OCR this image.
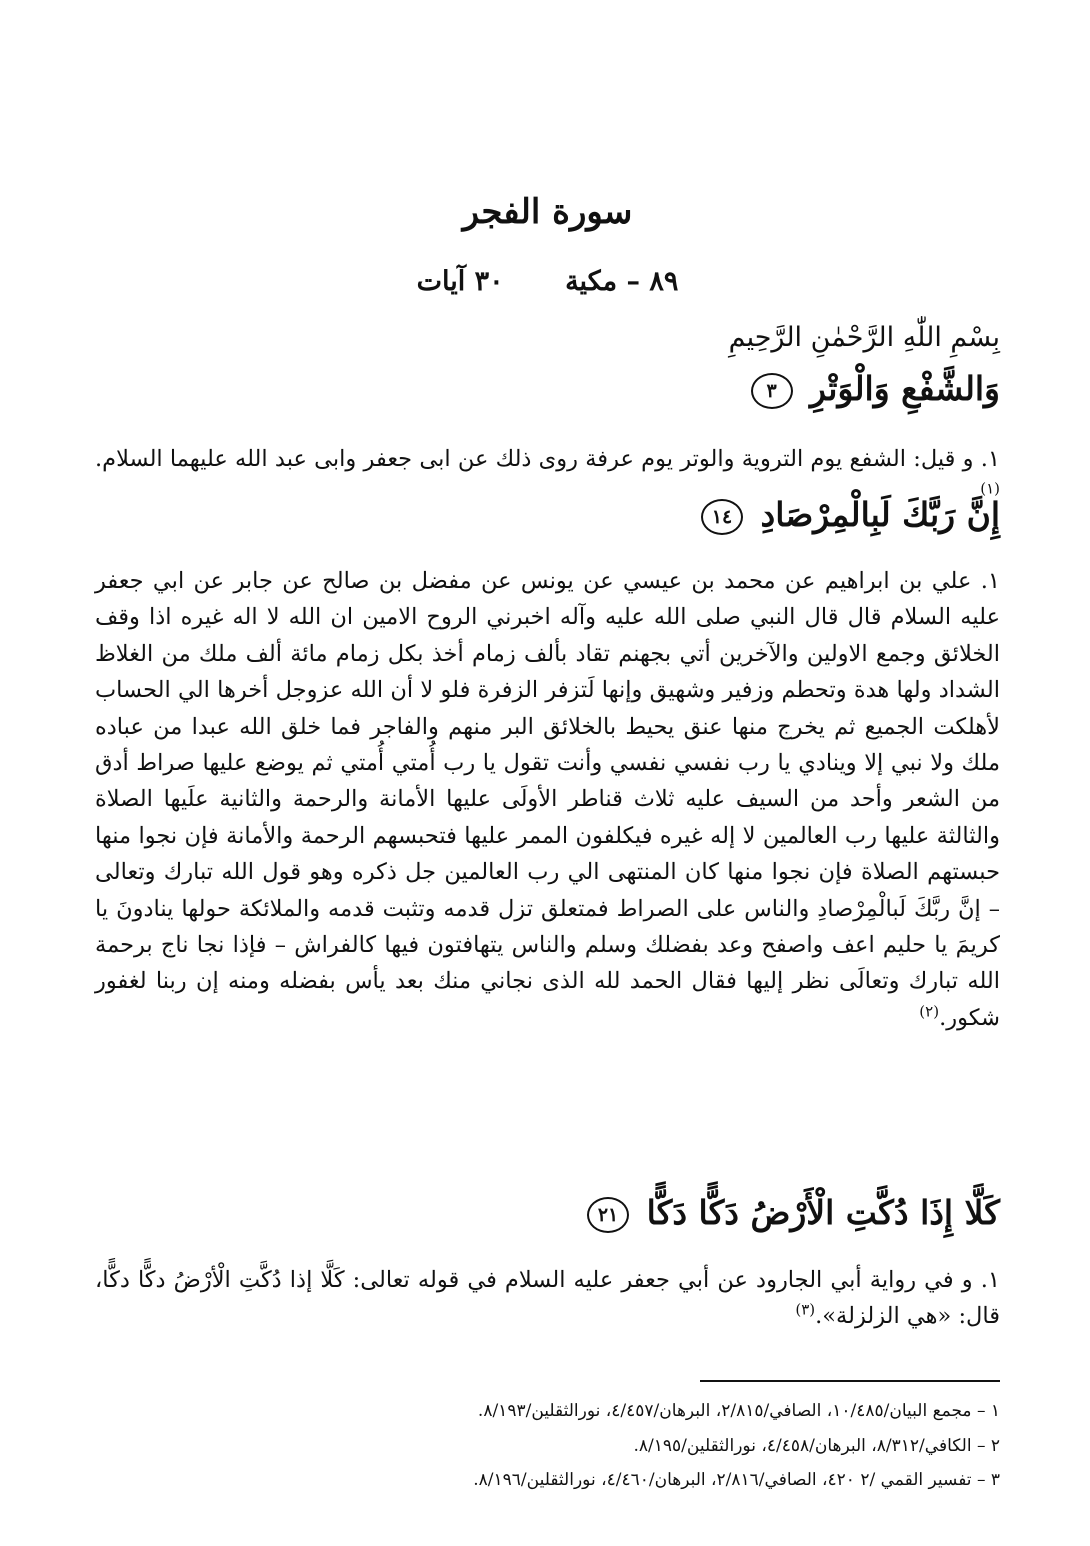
سورة الفجر
٨٩ – مكية ٣٠ آيات
بِسْمِ اللّٰهِ الرَّحْمٰنِ الرَّحِيمِ
وَالشَّفْعِ وَالْوَتْرِ ٣
١. و قيل: الشفع يوم التروية والوتر يوم عرفة روى ذلك عن ابى جعفر وابى عبد الله عليهما السلام.$^{(١)}$
إِنَّ رَبَّكَ لَبِالْمِرْصَادِ ١٤
١. علي بن ابراهيم عن محمد بن عيسي عن يونس عن مفضل بن صالح عن جابر عن ابي جعفر عليه السلام قال قال النبي صلى الله عليه وآله اخبرني الروح الامين ان الله لا اله غيره اذا وقف الخلائق وجمع الاولين والآخرين أتي بجهنم تقاد بألف زمام أخذ بكل زمام مائة ألف ملك من الغلاظ الشداد ولها هدة وتحطم وزفير وشهيق وإنها لَتزفر الزفرة فلو لا أن الله عزوجل أخرها الي الحساب لأهلكت الجميع ثم يخرج منها عنق يحيط بالخلائق البر منهم والفاجر فما خلق الله عبدا من عباده ملك ولا نبي إلا وينادي يا رب نفسي نفسي وأنت تقول يا رب أُمتي أُمتي ثم يوضع عليها صراط أدق من الشعر وأحد من السيف عليه ثلاث قناطر الأولَى عليها الأمانة والرحمة والثانية علَيها الصلاة والثالثة عليها رب العالمين لا إله غيره فيكلفون الممر عليها فتحبسهم الرحمة والأمانة فإن نجوا منها حبستهم الصلاة فإن نجوا منها كان المنتهى الي رب العالمين جل ذكره وهو قول الله تبارك وتعالى – إنَّ ربَّكَ لَبالْمِرْصادِ والناس على الصراط فمتعلق تزل قدمه وتثبت قدمه والملائكة حولها ينادونَ يا كريمَ يا حليم اعف واصفح وعد بفضلك وسلم والناس يتهافتون فيها كالفراش – فإذا نجا ناج برحمة الله تبارك وتعالَى نظر إليها فقال الحمد لله الذى نجاني منك بعد يأس بفضله ومنه إن ربنا لغفور شكور.$^{(٢)}$
كَلَّا إِذَا دُكَّتِ الْأَرْضُ دَكًّا دَكًّا ٢١
١. و في رواية أبي الجارود عن أبي جعفر عليه السلام في قوله تعالى: كَلَّا إذا دُكَّتِ الْأرْضُ دكًّا دكًّا، قال: «هي الزلزلة».$^{(٣)}$
١ – مجمع البيان/١٠/٤٨٥، الصافي/٢/٨١٥، البرهان/٤/٤٥٧، نورالثقلين/٨/١٩٣.
٢ – الكافي/٨/٣١٢، البرهان/٤/٤٥٨، نورالثقلين/٨/١٩٥.
٣ – تفسير القمي /٢ ٤٢٠، الصافي/٢/٨١٦، البرهان/٤/٤٦٠، نورالثقلين/٨/١٩٦.
